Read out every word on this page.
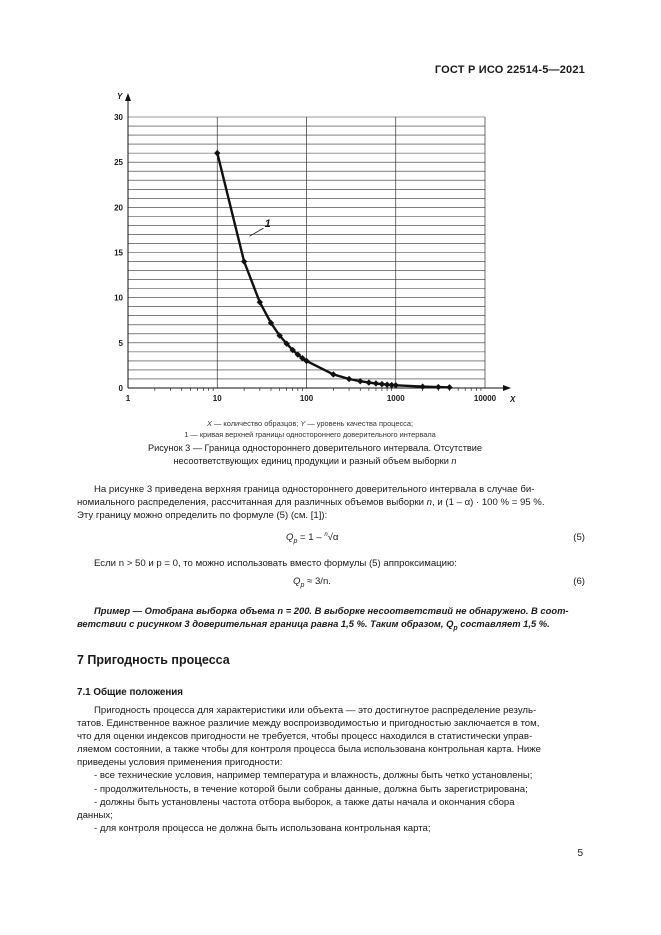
ГОСТ Р ИСО 22514-5—2021
1	10	100	1000	10000
0
5
10
15
20
25
30
Y
X
1
X — количество образцов; Y — уровень качества процесса;
1 — кривая верхней границы одностороннего доверительного интервала
Рисунок 3 — Граница одностороннего доверительного интервала. Отсутствие
несоответствующих единиц продукции и разный объем выборки n
На рисунке 3 приведена верхняя граница одностороннего доверительного интервала в случае би-
номиального распределения, рассчитанная для различных объемов выборки n, и (1 – α) · 100 % = 95 %.
Эту границу можно определить по формуле (5) (см. [1]):
$Q_p = 1 - ^n√\alpha$	(5)
Если n > 50 и p = 0, то можно использовать вместо формулы (5) аппроксимацию:
$Q_p \approx 3/n$.	(6)
Пример — Отобрана выборка объема n = 200. В выборке несоответствий не обнаружено. В соот-
ветствии с рисунком 3 доверительная граница равна 1,5 %. Таким образом, $Q_p$ составляет 1,5 %.
7 Пригодность процесса
7.1 Общие положения
Пригодность процесса для характеристики или объекта — это достигнутое распределение резуль-
татов. Единственное важное различие между воспроизводимостью и пригодностью заключается в том,
что для оценки индексов пригодности не требуется, чтобы процесс находился в статистически управ-
ляемом состоянии, а также чтобы для контроля процесса была использована контрольная карта. Ниже
приведены условия применения пригодности:
- все технические условия, например температура и влажность, должны быть четко установлены;
- продолжительность, в течение которой были собраны данные, должна быть зарегистрирована;
- должны быть установлены частота отбора выборок, а также даты начала и окончания сбора
данных;
- для контроля процесса не должна быть использована контрольная карта;
5
